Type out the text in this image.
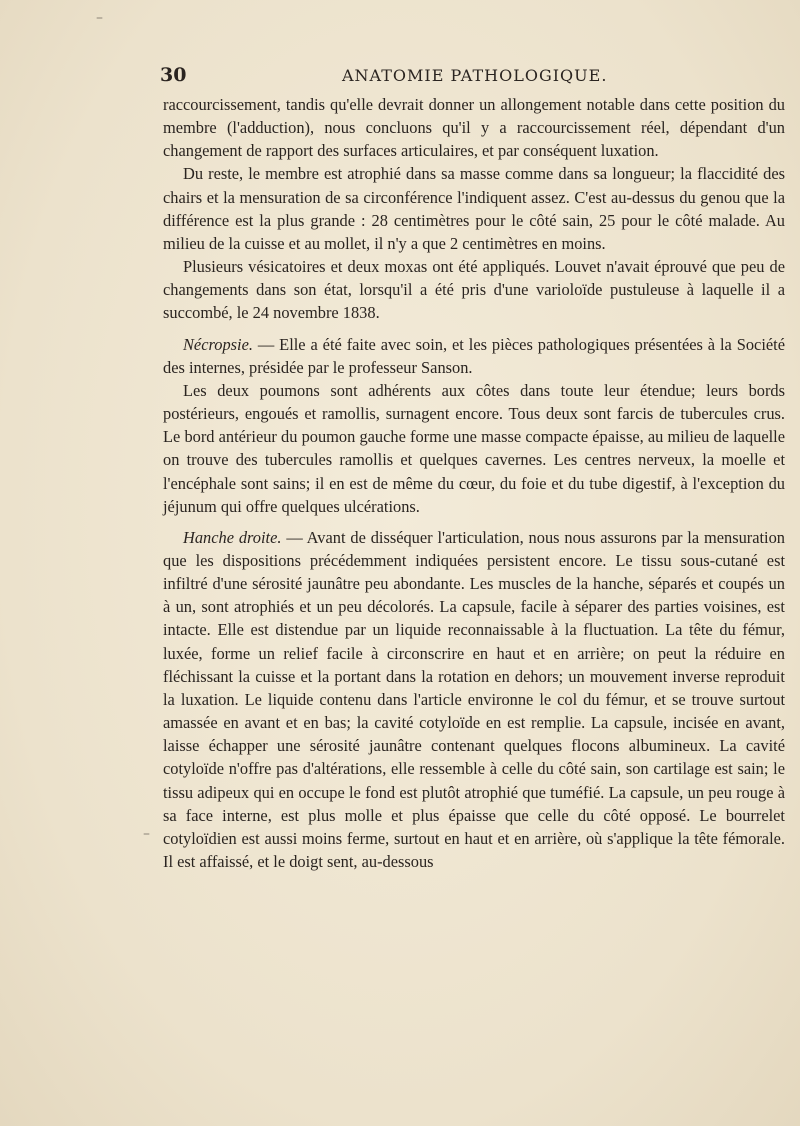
–
–
30	ANATOMIE PATHOLOGIQUE.

raccourcissement, tandis qu'elle devrait donner un allongement notable dans cette position du membre (l'adduction), nous concluons qu'il y a raccourcissement réel, dépendant d'un changement de rapport des surfaces articulaires, et par conséquent luxation.

Du reste, le membre est atrophié dans sa masse comme dans sa longueur; la flaccidité des chairs et la mensuration de sa circonférence l'indiquent assez. C'est au-dessus du genou que la différence est la plus grande : 28 centimètres pour le côté sain, 25 pour le côté malade. Au milieu de la cuisse et au mollet, il n'y a que 2 centimètres en moins.

Plusieurs vésicatoires et deux moxas ont été appliqués. Louvet n'avait éprouvé que peu de changements dans son état, lorsqu'il a été pris d'une varioloïde pustuleuse à laquelle il a succombé, le 24 novembre 1838.

Nécropsie. — Elle a été faite avec soin, et les pièces pathologiques présentées à la Société des internes, présidée par le professeur Sanson.

Les deux poumons sont adhérents aux côtes dans toute leur étendue; leurs bords postérieurs, engoués et ramollis, surnagent encore. Tous deux sont farcis de tubercules crus. Le bord antérieur du poumon gauche forme une masse compacte épaisse, au milieu de laquelle on trouve des tubercules ramollis et quelques cavernes. Les centres nerveux, la moelle et l'encéphale sont sains; il en est de même du cœur, du foie et du tube digestif, à l'exception du jéjunum qui offre quelques ulcérations.

Hanche droite. — Avant de disséquer l'articulation, nous nous assurons par la mensuration que les dispositions précédemment indiquées persistent encore. Le tissu sous-cutané est infiltré d'une sérosité jaunâtre peu abondante. Les muscles de la hanche, séparés et coupés un à un, sont atrophiés et un peu décolorés. La capsule, facile à séparer des parties voisines, est intacte. Elle est distendue par un liquide reconnaissable à la fluctuation. La tête du fémur, luxée, forme un relief facile à circonscrire en haut et en arrière; on peut la réduire en fléchissant la cuisse et la portant dans la rotation en dehors; un mouvement inverse reproduit la luxation. Le liquide contenu dans l'article environne le col du fémur, et se trouve surtout amassée en avant et en bas; la cavité cotyloïde en est remplie. La capsule, incisée en avant, laisse échapper une sérosité jaunâtre contenant quelques flocons albumineux. La cavité cotyloïde n'offre pas d'altérations, elle ressemble à celle du côté sain, son cartilage est sain; le tissu adipeux qui en occupe le fond est plutôt atrophié que tuméfié. La capsule, un peu rouge à sa face interne, est plus molle et plus épaisse que celle du côté opposé. Le bourrelet cotyloïdien est aussi moins ferme, surtout en haut et en arrière, où s'applique la tête fémorale. Il est affaissé, et le doigt sent, au-dessous
